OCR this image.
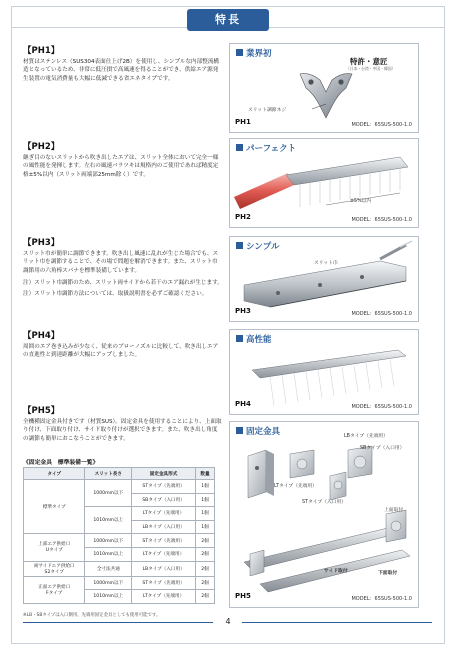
特長

【PH1】

材質はステンレス（SUS304表面仕上げ2B）を使用し、シンプルな内部整流構造となっているため、非常に低圧損で高風速を得ることができ、供給エア源発生装置の電気消費量も大幅に低減できる省エネタイプです。

【PH2】

継ぎ目のないスリットから吹き出したエアは、スリット全体において完全一様の風性能を発揮します。左右の風速バラツキは規格内のご使用であれば精度定格±5%以内（スリット両端部25mm除く）です。

【PH3】

スリット巾が簡単に調節できます。吹き出し風速に乱れが生じた場合でも、スリット巾を調節することで、その場で問題を解消できます。また、スリット巾調節用の六角棒スパナを標準装備しています。

注）スリット巾調節のため、スリット両サイドから若干のエア漏れが生じます。

注）スリット巾調節方法については、取扱説明書を必ずご確認ください。

【PH4】

周囲のエア巻き込みが少なく、従来のブローノズルに比較して、吹き出しエアの直進性と到達距離が大幅にアップしました。

【PH5】

全機種固定金具付きです（材質SUS）。固定金具を使用することにより、上面取り付け、下面取り付け、サイド取り付けが選択できます。また、吹き出し角度の調節も簡単におこなうことができます。

《固定金具　標準装備一覧》
タイプ	スリット長さ	固定金具形式	数量
標準タイプ	1000mm以下	STタイプ（先端用）	1個
		SBタイプ（入口用）	1個
	1010mm以上	LTタイプ（先端用）	1個
		LBタイプ（入口用）	1個
上部エア供給口
Uタイプ	1000mm以下	STタイプ（先端用）	2個
	1010mm以上	LTタイプ（先端用）	2個
両サイドエア供給口
S2タイプ	全寸法共通	LBタイプ（入口用）	2個
正面エア供給口
Fタイプ	1000mm以下	STタイプ（先端用）	2個
	1010mm以上	LTタイプ（先端用）	2個
※LB・SBタイプは入口側用、先端用固定金具としても使用可能です。
業界初
特許・意匠
（日本・台湾・中国・韓国）
スリット調節ネジ
PH1	MODEL：65SUS-500-1.0
パーフェクト
±5%以内
PH2	MODEL：65SUS-500-1.0
シンプル
スリット巾
PH3	MODEL：65SUS-500-1.0
高性能
PH4	MODEL：65SUS-500-1.0
固定金具	LBタイプ（先端用）
SBタイプ（入口用）
LTタイプ（先端用）
STタイプ（入口用）
上面取付
サイド取付	下面取付
PH5	MODEL：65SUS-500-1.0
4
